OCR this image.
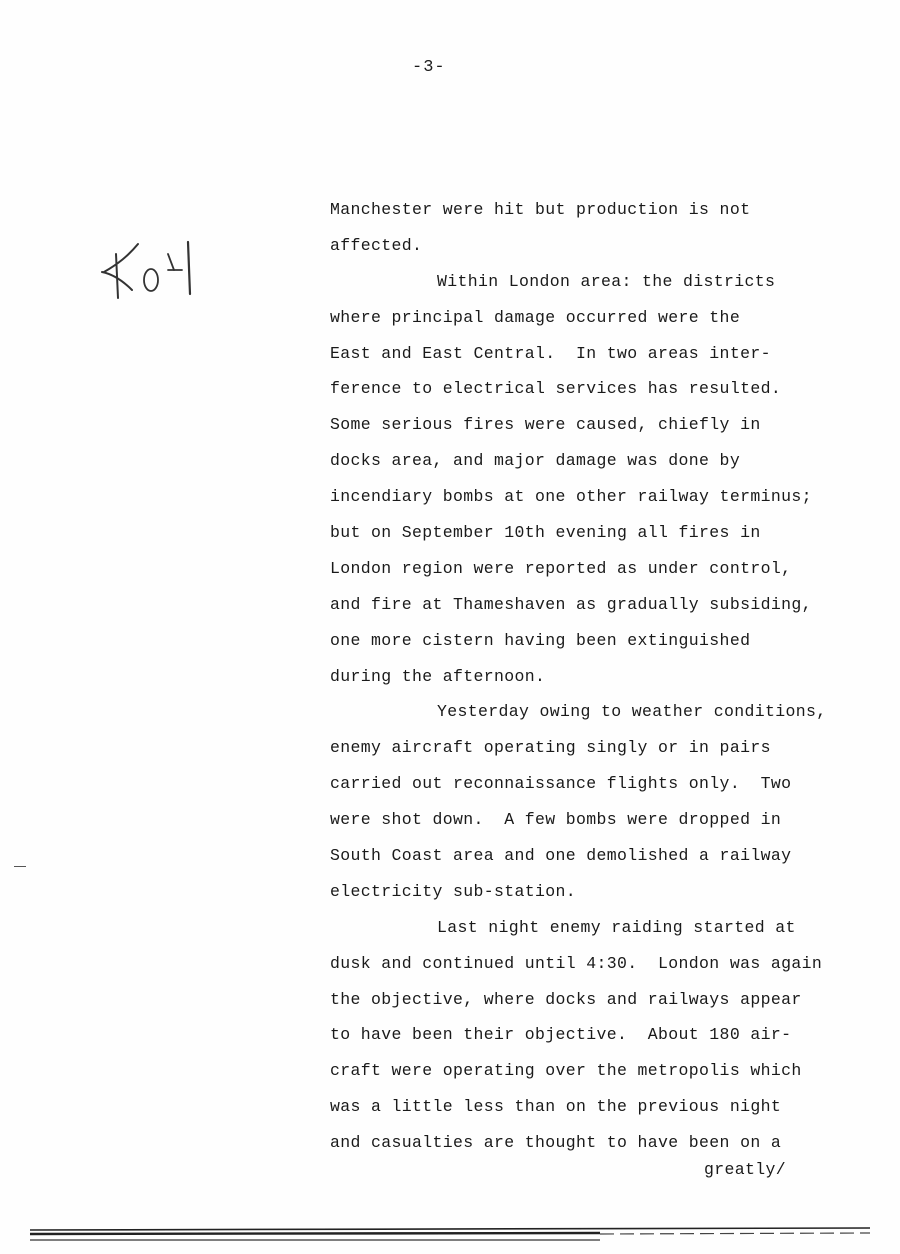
-3-
Manchester were hit but production is not
affected.
Within London area: the districts
where principal damage occurred were the
East and East Central.  In two areas inter-
ference to electrical services has resulted.
Some serious fires were caused, chiefly in
docks area, and major damage was done by
incendiary bombs at one other railway terminus;
but on September 10th evening all fires in
London region were reported as under control,
and fire at Thameshaven as gradually subsiding,
one more cistern having been extinguished
during the afternoon.
Yesterday owing to weather conditions,
enemy aircraft operating singly or in pairs
carried out reconnaissance flights only.  Two
were shot down.  A few bombs were dropped in
South Coast area and one demolished a railway
electricity sub-station.
Last night enemy raiding started at
dusk and continued until 4:30.  London was again
the objective, where docks and railways appear
to have been their objective.  About 180 air-
craft were operating over the metropolis which
was a little less than on the previous night
and casualties are thought to have been on a
greatly/
